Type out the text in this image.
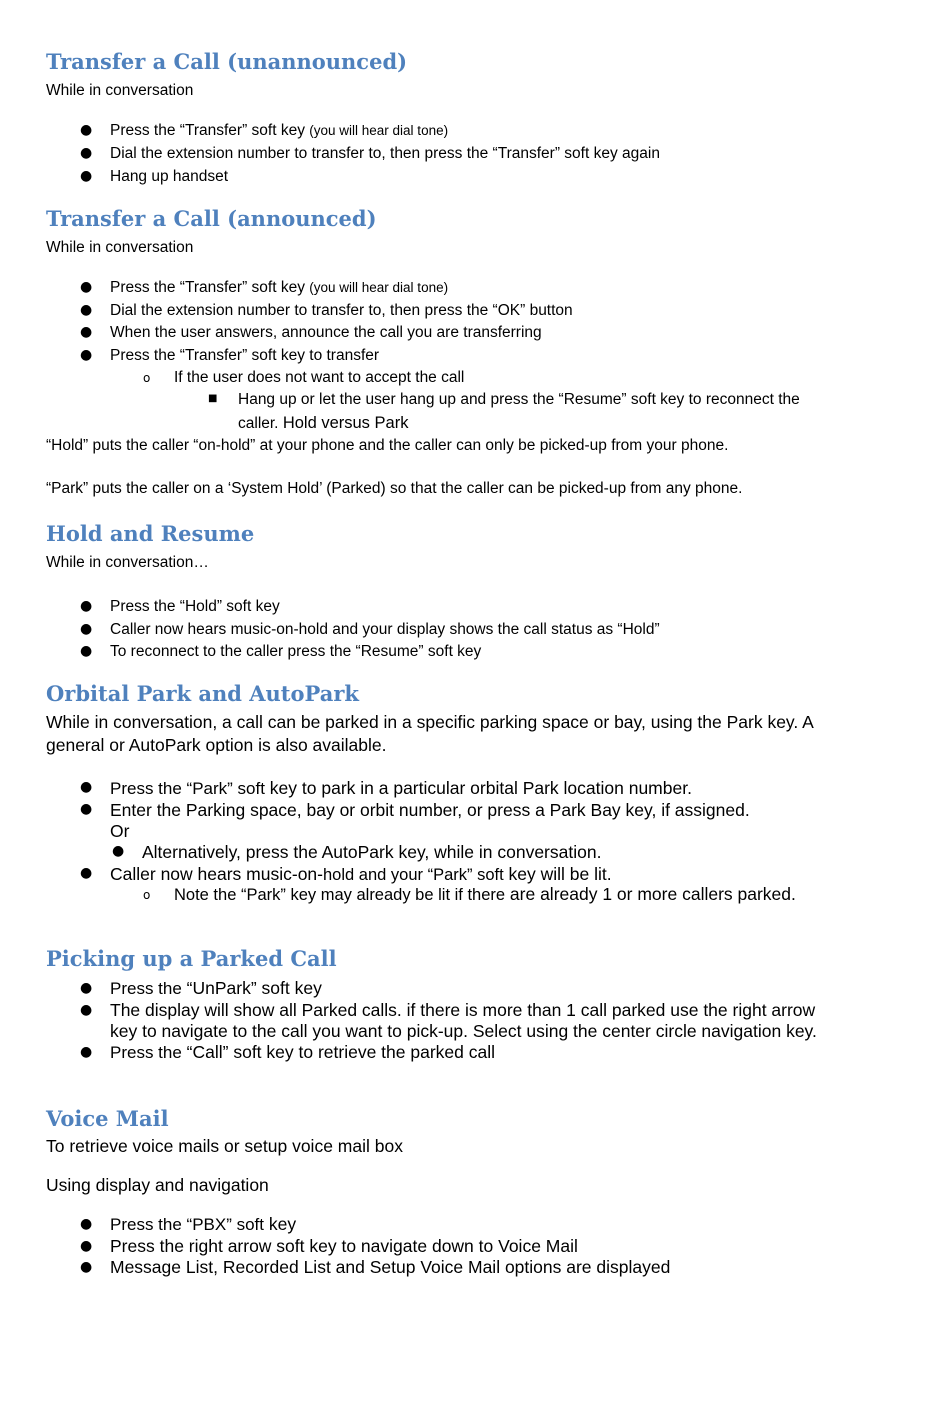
Transfer a Call (unannounced)
While in conversation
● Press the “Transfer” soft key (you will hear dial tone)
● Dial the extension number to transfer to, then press the “Transfer” soft key again
● Hang up handset
Transfer a Call (announced)
While in conversation
● Press the “Transfer” soft key (you will hear dial tone)
● Dial the extension number to transfer to, then press the “OK” button
● When the user answers, announce the call you are transferring
● Press the “Transfer” soft key to transfer
o If the user does not want to accept the call
■ Hang up or let the user hang up and press the “Resume” soft key to reconnect the
caller. Hold versus Park
“Hold” puts the caller “on-hold” at your phone and the caller can only be picked-up from your phone.
“Park” puts the caller on a ‘System Hold’ (Parked) so that the caller can be picked-up from any phone.
Hold and Resume
While in conversation…
● Press the “Hold” soft key
● Caller now hears music-on-hold and your display shows the call status as “Hold”
● To reconnect to the caller press the “Resume” soft key
Orbital Park and AutoPark
While in conversation, a call can be parked in a specific parking space or bay, using the Park key. A
general or AutoPark option is also available.
● Press the “Park” soft key to park in a particular orbital Park location number.
● Enter the Parking space, bay or orbit number, or press a Park Bay key, if assigned.
Or
● Alternatively, press the AutoPark key, while in conversation.
● Caller now hears music-on-hold and your “Park” soft key will be lit.
o Note the “Park” key may already be lit if there are already 1 or more callers parked.
Picking up a Parked Call
● Press the “UnPark” soft key
● The display will show all Parked calls. if there is more than 1 call parked use the right arrow
key to navigate to the call you want to pick-up. Select using the center circle navigation key.
● Press the “Call” soft key to retrieve the parked call
Voice Mail
To retrieve voice mails or setup voice mail box
Using display and navigation
● Press the “PBX” soft key
● Press the right arrow soft key to navigate down to Voice Mail
● Message List, Recorded List and Setup Voice Mail options are displayed
